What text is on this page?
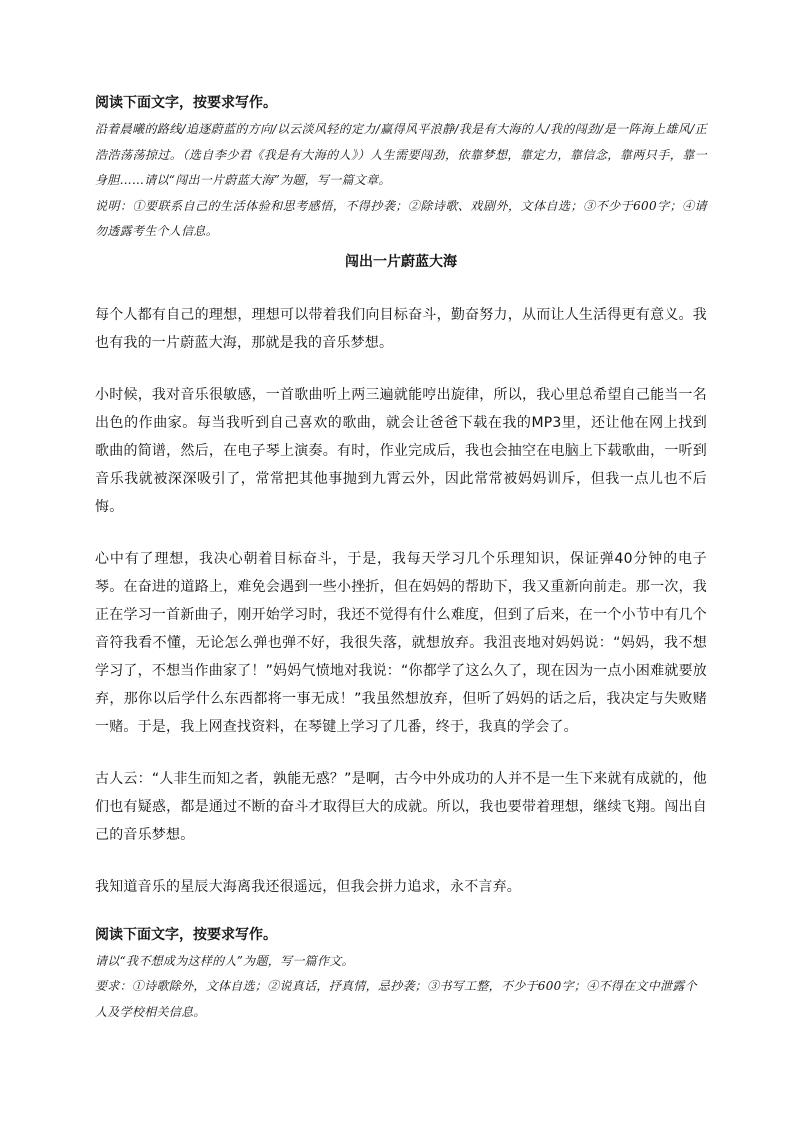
阅读下面文字，按要求写作。

沿着晨曦的路线/追逐蔚蓝的方向/以云淡风轻的定力/赢得风平浪静/我是有大海的人/我的闯劲/是一阵海上雄风/正浩浩荡荡掠过。（选自李少君《我是有大海的人》）人生需要闯劲，依靠梦想，靠定力，靠信念，靠两只手，靠一身胆……请以“闯出一片蔚蓝大海”为题，写一篇文章。

说明：①要联系自己的生活体验和思考感悟，不得抄袭；②除诗歌、戏剧外，文体自选；③不少于600字；④请勿透露考生个人信息。

闯出一片蔚蓝大海

每个人都有自己的理想，理想可以带着我们向目标奋斗，勤奋努力，从而让人生活得更有意义。我也有我的一片蔚蓝大海，那就是我的音乐梦想。

小时候，我对音乐很敏感，一首歌曲听上两三遍就能哼出旋律，所以，我心里总希望自己能当一名出色的作曲家。每当我听到自己喜欢的歌曲，就会让爸爸下载在我的MP3里，还让他在网上找到歌曲的简谱，然后，在电子琴上演奏。有时，作业完成后，我也会抽空在电脑上下载歌曲，一听到音乐我就被深深吸引了，常常把其他事抛到九霄云外，因此常常被妈妈训斥，但我一点儿也不后悔。

心中有了理想，我决心朝着目标奋斗，于是，我每天学习几个乐理知识，保证弹40分钟的电子琴。在奋进的道路上，难免会遇到一些小挫折，但在妈妈的帮助下，我又重新向前走。那一次，我正在学习一首新曲子，刚开始学习时，我还不觉得有什么难度，但到了后来，在一个小节中有几个音符我看不懂，无论怎么弹也弹不好，我很失落，就想放弃。我沮丧地对妈妈说：“妈妈，我不想学习了，不想当作曲家了！”妈妈气愤地对我说：“你都学了这么久了，现在因为一点小困难就要放弃，那你以后学什么东西都将一事无成！”我虽然想放弃，但听了妈妈的话之后，我决定与失败赌一赌。于是，我上网查找资料，在琴键上学习了几番，终于，我真的学会了。

古人云：“人非生而知之者，孰能无惑？”是啊，古今中外成功的人并不是一生下来就有成就的，他们也有疑惑，都是通过不断的奋斗才取得巨大的成就。所以，我也要带着理想，继续飞翔。闯出自己的音乐梦想。

我知道音乐的星辰大海离我还很遥远，但我会拼力追求，永不言弃。

阅读下面文字，按要求写作。

请以“我不想成为这样的人”为题，写一篇作文。

要求：①诗歌除外，文体自选；②说真话，抒真情，忌抄袭；③书写工整，不少于600字；④不得在文中泄露个人及学校相关信息。
